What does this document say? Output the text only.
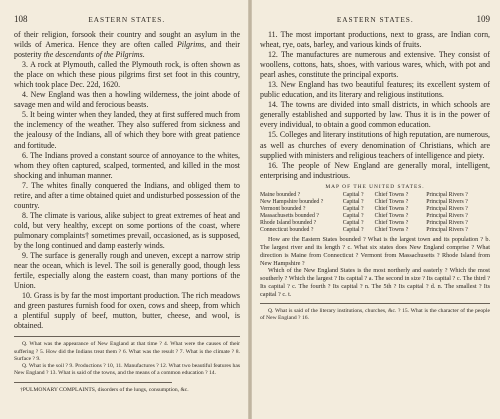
108	EASTERN STATES.

of their religion, forsook their country and sought an asylum in the wilds of America. Hence they are often called Pilgrims, and their posterity the descendants of the Pilgrims.

3. A rock at Plymouth, called the Plymouth rock, is often shown as the place on which these pious pilgrims first set foot in this country, which took place Dec. 22d, 1620.

4. New England was then a howling wilderness, the joint abode of savage men and wild and ferocious beasts.

5. It being winter when they landed, they at first suffered much from the inclemency of the weather. They also suffered from sickness and the jealousy of the Indians, all of which they bore with great patience and fortitude.

6. The Indians proved a constant source of annoyance to the whites, whom they often captured, scalped, tormented, and killed in the most shocking and inhuman manner.

7. The whites finally conquered the Indians, and obliged them to retire, and after a time obtained quiet and undisturbed possession of the country.

8. The climate is various, alike subject to great extremes of heat and cold, but very healthy, except on some portions of the coast, where pulmonary complaints† sometimes prevail, occasioned, as is supposed, by the long continued and damp easterly winds.

9. The surface is generally rough and uneven, except a narrow strip near the ocean, which is level. The soil is generally good, though less fertile, especially along the eastern coast, than many portions of the Union.

10. Grass is by far the most important production. The rich meadows and green pastures furnish food for oxen, cows and sheep, from which a plentiful supply of beef, mutton, butter, cheese, and wool, is obtained.

Q. What was the appearance of New England at that time ? 4. What were the causes of their suffering ? 5. How did the Indians treat them ? 6. What was the result ? 7. What is the climate ? 8. Surface ? 9.

Q. What is the soil ? 9. Productions ? 10, 11. Manufactures ? 12. What two beautiful features has New England ? 13. What is said of the towns, and the means of a common education ? 14.

†PULMONARY COMPLAINTS, disorders of the lungs, consumption, &c.

EASTERN STATES.	109

11. The most important productions, next to grass, are Indian corn, wheat, rye, oats, barley, and various kinds of fruits.

12. The manufactures are numerous and extensive. They consist of woollens, cottons, hats, shoes, with various wares, which, with pot and pearl ashes, constitute the principal exports.

13. New England has two beautiful features; its excellent system of public education, and its literary and religious institutions.

14. The towns are divided into small districts, in which schools are generally established and supported by law. Thus it is in the power of every individual, to obtain a good common education.

15. Colleges and literary institutions of high reputation, are numerous, as well as churches of every denomination of Christians, which are supplied with ministers and religious teachers of intelligence and piety.

16. The people of New England are generally moral, intelligent, enterprising and industrious.

MAP OF THE UNITED STATES.
Maine bounded ?	Capital ?	Chief Towns ?	Principal Rivers ?
New Hampshire bounded ?	Capital ?	Chief Towns ?	Principal Rivers ?
Vermont bounded ?	Capital ?	Chief Towns ?	Principal Rivers ?
Massachusetts bounded ?	Capital ?	Chief Towns ?	Principal Rivers ?
Rhode Island bounded ?	Capital ?	Chief Towns ?	Principal Rivers ?
Connecticut bounded ?	Capital ?	Chief Towns ?	Principal Rivers ?

How are the Eastern States bounded ? What is the largest town and its population ? b. The largest river and its length ? c. What six states does New England comprise ? What direction is Maine from Connecticut ? Vermont from Massachusetts ? Rhode Island from New Hampshire ?

Which of the New England States is the most northerly and easterly ? Which the most southerly ? Which the largest ? Its capital ? a. The second in size ? Its capital ? c. The third ? Its capital ? c. The fourth ? Its capital ? n. The 5th ? Its capital ? d. n. The smallest ? Its capital ? c. t.

Q. What is said of the literary institutions, churches, &c. ? 15. What is the character of the people of New England ? 16.
